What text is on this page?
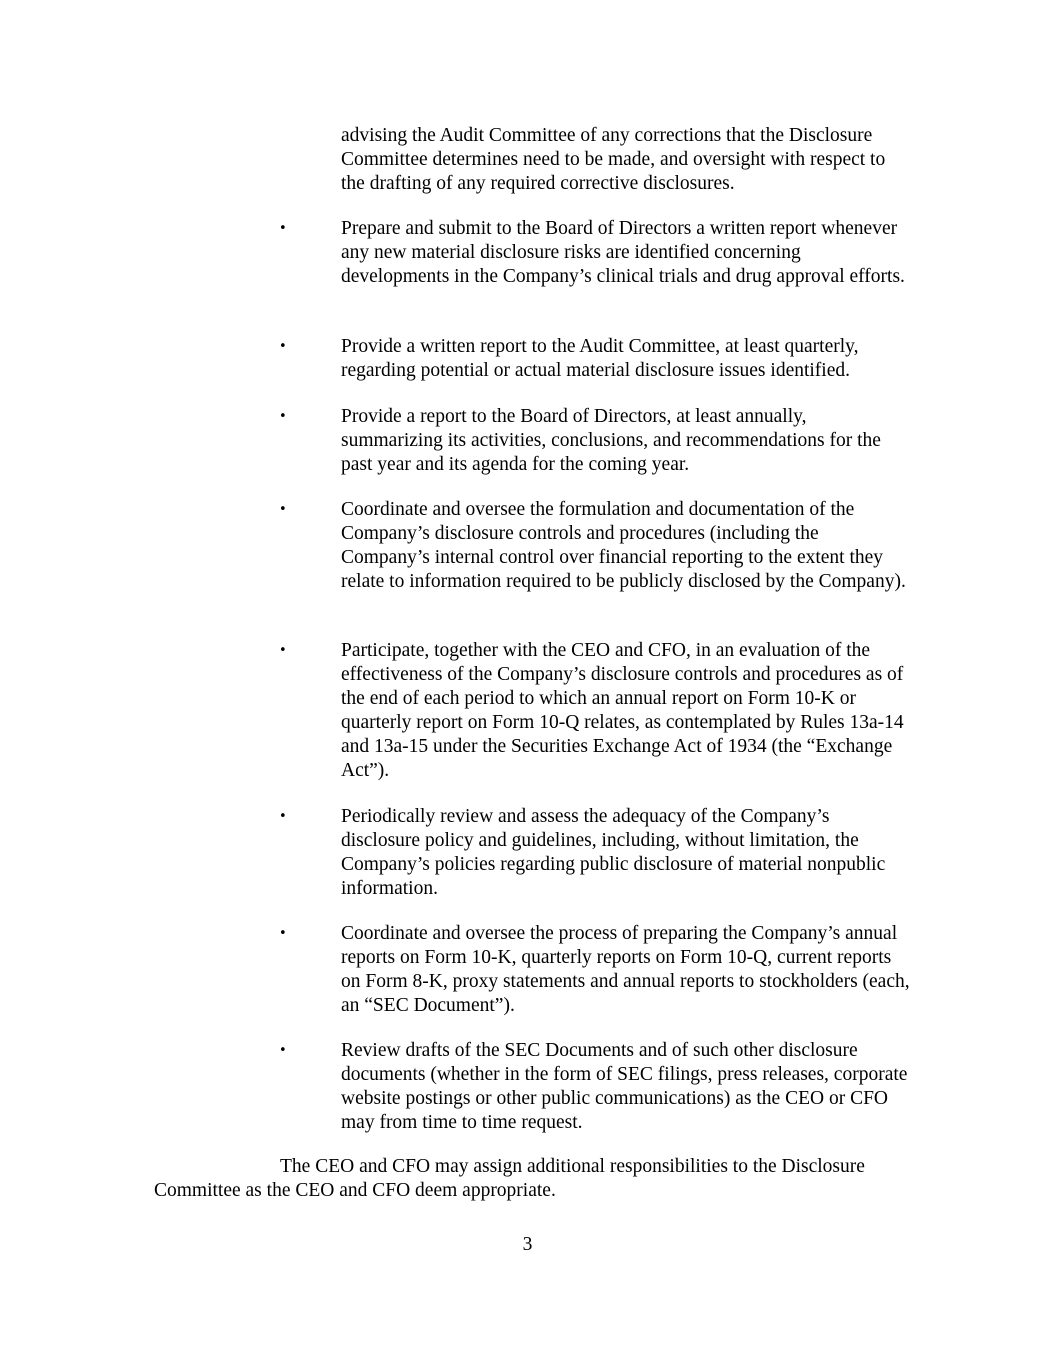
advising the Audit Committee of any corrections that the Disclosure Committee determines need to be made, and oversight with respect to the drafting of any required corrective disclosures.

•	Prepare and submit to the Board of Directors a written report whenever any new material disclosure risks are identified concerning developments in the Company’s clinical trials and drug approval efforts.

•	Provide a written report to the Audit Committee, at least quarterly, regarding potential or actual material disclosure issues identified.

•	Provide a report to the Board of Directors, at least annually, summarizing its activities, conclusions, and recommendations for the past year and its agenda for the coming year.

•	Coordinate and oversee the formulation and documentation of the Company’s disclosure controls and procedures (including the Company’s internal control over financial reporting to the extent they relate to information required to be publicly disclosed by the Company).

•	Participate, together with the CEO and CFO, in an evaluation of the effectiveness of the Company’s disclosure controls and procedures as of the end of each period to which an annual report on Form 10-K or quarterly report on Form 10-Q relates, as contemplated by Rules 13a-14 and 13a-15 under the Securities Exchange Act of 1934 (the “Exchange Act”).

•	Periodically review and assess the adequacy of the Company’s disclosure policy and guidelines, including, without limitation, the Company’s policies regarding public disclosure of material nonpublic information.

•	Coordinate and oversee the process of preparing the Company’s annual reports on Form 10-K, quarterly reports on Form 10-Q, current reports on Form 8-K, proxy statements and annual reports to stockholders (each, an “SEC Document”).

•	Review drafts of the SEC Documents and of such other disclosure documents (whether in the form of SEC filings, press releases, corporate website postings or other public communications) as the CEO or CFO may from time to time request.

The CEO and CFO may assign additional responsibilities to the Disclosure Committee as the CEO and CFO deem appropriate.

3
